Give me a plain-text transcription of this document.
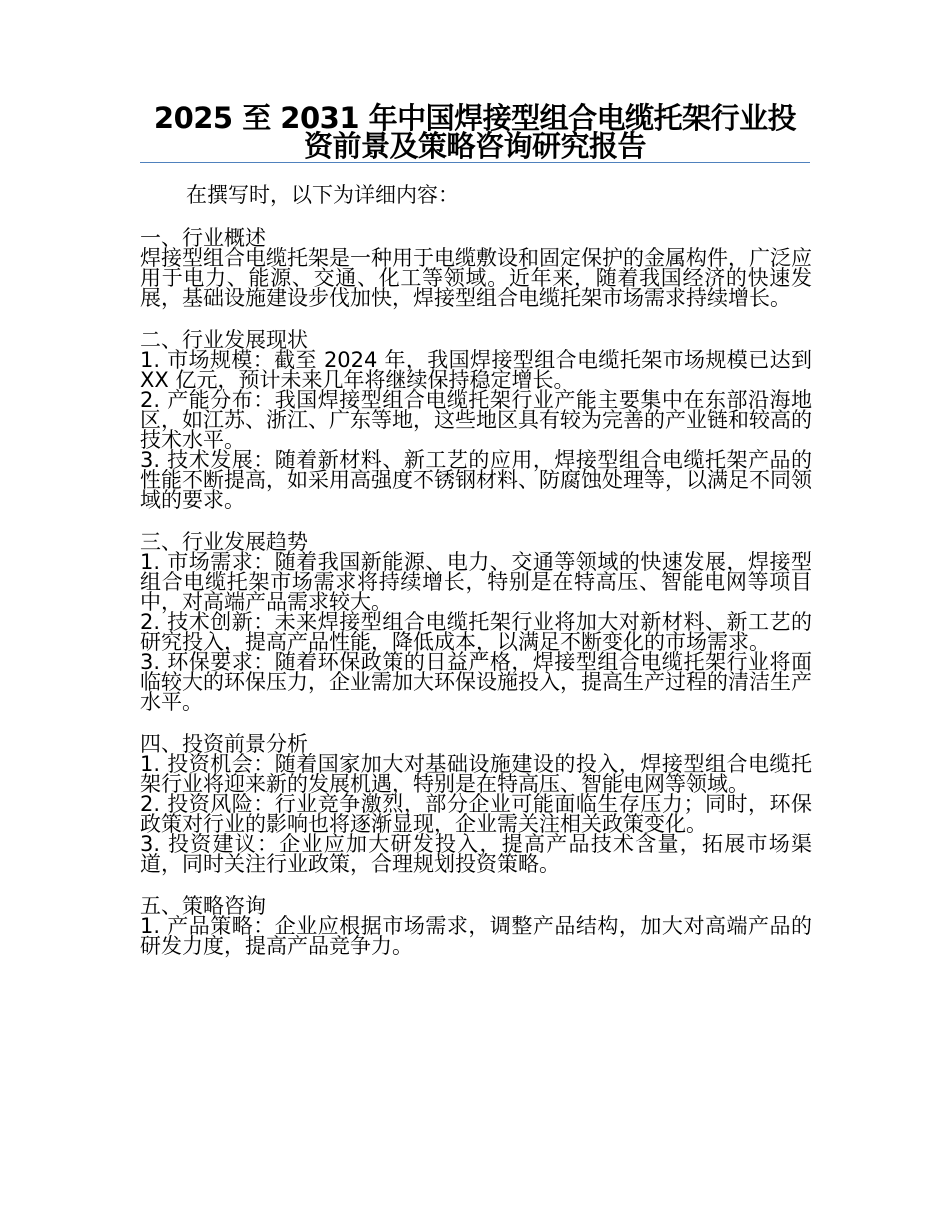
2025 至 2031 年中国焊接型组合电缆托架行业投资前景及策略咨询研究报告
在撰写时，以下为详细内容：
一、行业概述

焊接型组合电缆托架是一种用于电缆敷设和固定保护的金属构件，广泛应用于电力、能源、交通、化工等领域。近年来，随着我国经济的快速发展，基础设施建设步伐加快，焊接型组合电缆托架市场需求持续增长。

二、行业发展现状

1. 市场规模：截至 2024 年，我国焊接型组合电缆托架市场规模已达到 XX 亿元，预计未来几年将继续保持稳定增长。

2. 产能分布：我国焊接型组合电缆托架行业产能主要集中在东部沿海地区，如江苏、浙江、广东等地，这些地区具有较为完善的产业链和较高的技术水平。

3. 技术发展：随着新材料、新工艺的应用，焊接型组合电缆托架产品的性能不断提高，如采用高强度不锈钢材料、防腐蚀处理等，以满足不同领域的要求。

三、行业发展趋势

1. 市场需求：随着我国新能源、电力、交通等领域的快速发展，焊接型组合电缆托架市场需求将持续增长，特别是在特高压、智能电网等项目中，对高端产品需求较大。

2. 技术创新：未来焊接型组合电缆托架行业将加大对新材料、新工艺的研究投入，提高产品性能，降低成本，以满足不断变化的市场需求。

3. 环保要求：随着环保政策的日益严格，焊接型组合电缆托架行业将面临较大的环保压力，企业需加大环保设施投入，提高生产过程的清洁生产水平。

四、投资前景分析

1. 投资机会：随着国家加大对基础设施建设的投入，焊接型组合电缆托架行业将迎来新的发展机遇，特别是在特高压、智能电网等领域。

2. 投资风险：行业竞争激烈，部分企业可能面临生存压力；同时，环保政策对行业的影响也将逐渐显现，企业需关注相关政策变化。

3. 投资建议：企业应加大研发投入，提高产品技术含量，拓展市场渠道，同时关注行业政策，合理规划投资策略。

五、策略咨询

1. 产品策略：企业应根据市场需求，调整产品结构，加大对高端产品的研发力度，提高产品竞争力。
